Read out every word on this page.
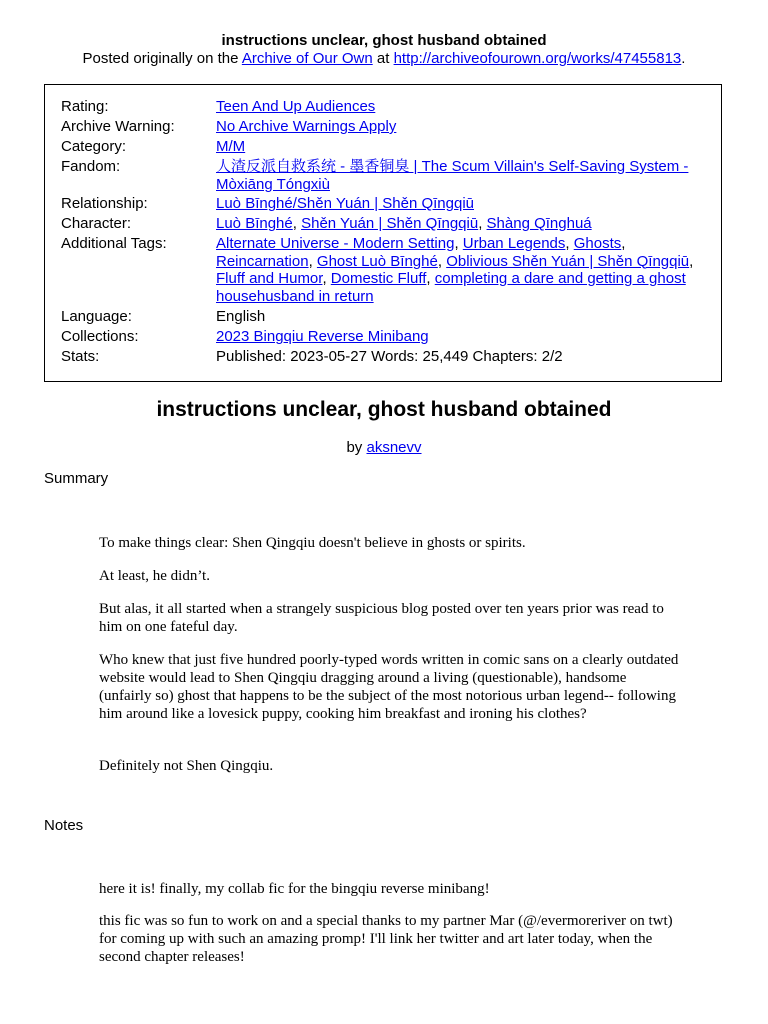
instructions unclear, ghost husband obtained
Posted originally on the Archive of Our Own at http://archiveofourown.org/works/47455813.
Rating:	Teen And Up Audiences
Archive Warning:	No Archive Warnings Apply
Category:	M/M
Fandom:	人渣反派自救系统 - 墨香铜臭 | The Scum Villain's Self-Saving System - Mòxiāng Tóngxiù
Relationship:	Luò Bīnghé/Shěn Yuán | Shěn Qīngqiū
Character:	Luò Bīnghé, Shěn Yuán | Shěn Qīngqiū, Shàng Qīnghuá
Additional Tags:	Alternate Universe - Modern Setting, Urban Legends, Ghosts, Reincarnation, Ghost Luò Bīnghé, Oblivious Shěn Yuán | Shěn Qīngqiū, Fluff and Humor, Domestic Fluff, completing a dare and getting a ghost househusband in return
Language:	English
Collections:	2023 Bingqiu Reverse Minibang
Stats:	Published: 2023-05-27 Words: 25,449 Chapters: 2/2
instructions unclear, ghost husband obtained
by aksnevv
Summary
To make things clear: Shen Qingqiu doesn't believe in ghosts or spirits.
At least, he didn’t.
But alas, it all started when a strangely suspicious blog posted over ten years prior was read to him on one fateful day.
Who knew that just five hundred poorly-typed words written in comic sans on a clearly outdated website would lead to Shen Qingqiu dragging around a living (questionable), handsome (unfairly so) ghost that happens to be the subject of the most notorious urban legend-- following him around like a lovesick puppy, cooking him breakfast and ironing his clothes?
Definitely not Shen Qingqiu.
Notes
here it is! finally, my collab fic for the bingqiu reverse minibang!
this fic was so fun to work on and a special thanks to my partner Mar (@/evermoreriver on twt) for coming up with such an amazing promp! I'll link her twitter and art later today, when the second chapter releases!
